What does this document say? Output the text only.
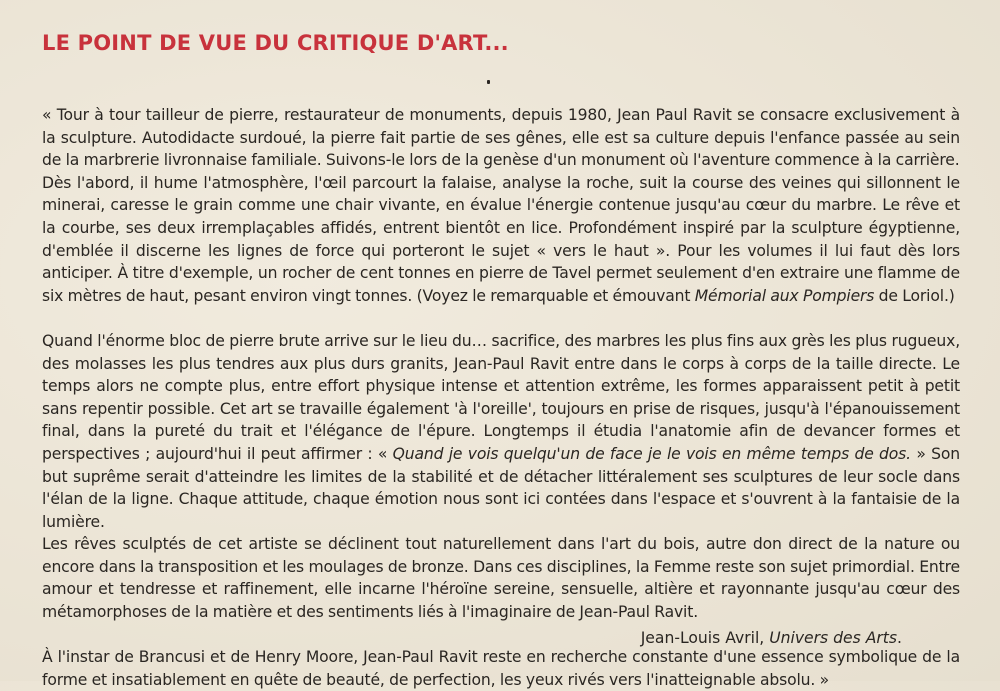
LE POINT DE VUE DU CRITIQUE D'ART...

« Tour à tour tailleur de pierre, restaurateur de monuments, depuis 1980, Jean Paul Ravit se consacre exclusivement à la sculpture. Autodidacte surdoué, la pierre fait partie de ses gênes, elle est sa culture depuis l'enfance passée au sein de la marbrerie livronnaise familiale. Suivons-le lors de la genèse d'un monument où l'aventure commence à la carrière.

Dès l'abord, il hume l'atmosphère, l'œil parcourt la falaise, analyse la roche, suit la course des veines qui sillonnent le minerai, caresse le grain comme une chair vivante, en évalue l'énergie contenue jusqu'au cœur du marbre. Le rêve et la courbe, ses deux irremplaçables affidés, entrent bientôt en lice. Profondément inspiré par la sculpture égyptienne, d'emblée il discerne les lignes de force qui porteront le sujet « vers le haut ». Pour les volumes il lui faut dès lors anticiper. À titre d'exemple, un rocher de cent tonnes en pierre de Tavel permet seulement d'en extraire une flamme de six mètres de haut, pesant environ vingt tonnes. (Voyez le remarquable et émouvant Mémorial aux Pompiers de Loriol.)

Quand l'énorme bloc de pierre brute arrive sur le lieu du… sacrifice, des marbres les plus fins aux grès les plus rugueux, des molasses les plus tendres aux plus durs granits, Jean-Paul Ravit entre dans le corps à corps de la taille directe. Le temps alors ne compte plus, entre effort physique intense et attention extrême, les formes apparaissent petit à petit sans repentir possible. Cet art se travaille également 'à l'oreille', toujours en prise de risques, jusqu'à l'épanouissement final, dans la pureté du trait et l'élégance de l'épure. Longtemps il étudia l'anatomie afin de devancer formes et perspectives ; aujourd'hui il peut affirmer : « Quand je vois quelqu'un de face je le vois en même temps de dos. » Son but suprême serait d'atteindre les limites de la stabilité et de détacher littéralement ses sculptures de leur socle dans l'élan de la ligne. Chaque attitude, chaque émotion nous sont ici contées dans l'espace et s'ouvrent à la fantaisie de la lumière.

Les rêves sculptés de cet artiste se déclinent tout naturellement dans l'art du bois, autre don direct de la nature ou encore dans la transposition et les moulages de bronze. Dans ces disciplines, la Femme reste son sujet primordial. Entre amour et tendresse et raffinement, elle incarne l'héroïne sereine, sensuelle, altière et rayonnante jusqu'au cœur des métamorphoses de la matière et des sentiments liés à l'imaginaire de Jean-Paul Ravit.

À l'instar de Brancusi et de Henry Moore, Jean-Paul Ravit reste en recherche constante d'une essence symbolique de la forme et insatiablement en quête de beauté, de perfection, les yeux rivés vers l'inatteignable absolu. »

Jean-Louis Avril, Univers des Arts.
